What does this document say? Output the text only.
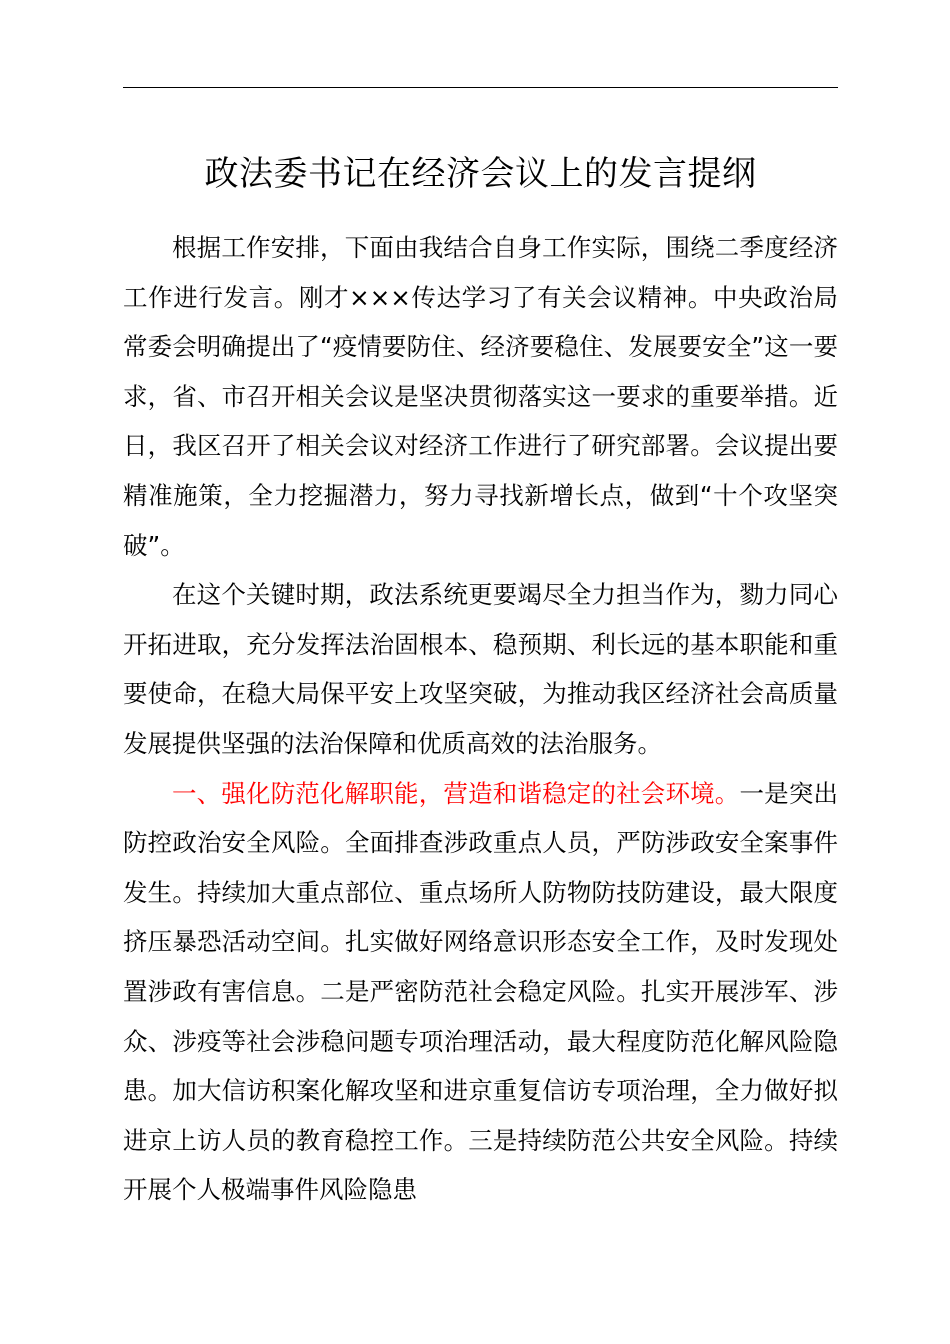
政法委书记在经济会议上的发言提纲

根据工作安排，下面由我结合自身工作实际，围绕二季度经济工作进行发言。刚才×××传达学习了有关会议精神。中央政治局常委会明确提出了“疫情要防住、经济要稳住、发展要安全”这一要求，省、市召开相关会议是坚决贯彻落实这一要求的重要举措。近日，我区召开了相关会议对经济工作进行了研究部署。会议提出要精准施策，全力挖掘潜力，努力寻找新增长点，做到“十个攻坚突破”。

在这个关键时期，政法系统更要竭尽全力担当作为，勠力同心开拓进取，充分发挥法治固根本、稳预期、利长远的基本职能和重要使命，在稳大局保平安上攻坚突破，为推动我区经济社会高质量发展提供坚强的法治保障和优质高效的法治服务。

一、强化防范化解职能，营造和谐稳定的社会环境。一是突出防控政治安全风险。全面排查涉政重点人员，严防涉政安全案事件发生。持续加大重点部位、重点场所人防物防技防建设，最大限度挤压暴恐活动空间。扎实做好网络意识形态安全工作，及时发现处置涉政有害信息。二是严密防范社会稳定风险。扎实开展涉军、涉众、涉疫等社会涉稳问题专项治理活动，最大程度防范化解风险隐患。加大信访积案化解攻坚和进京重复信访专项治理，全力做好拟进京上访人员的教育稳控工作。三是持续防范公共安全风险。持续开展个人极端事件风险隐患
